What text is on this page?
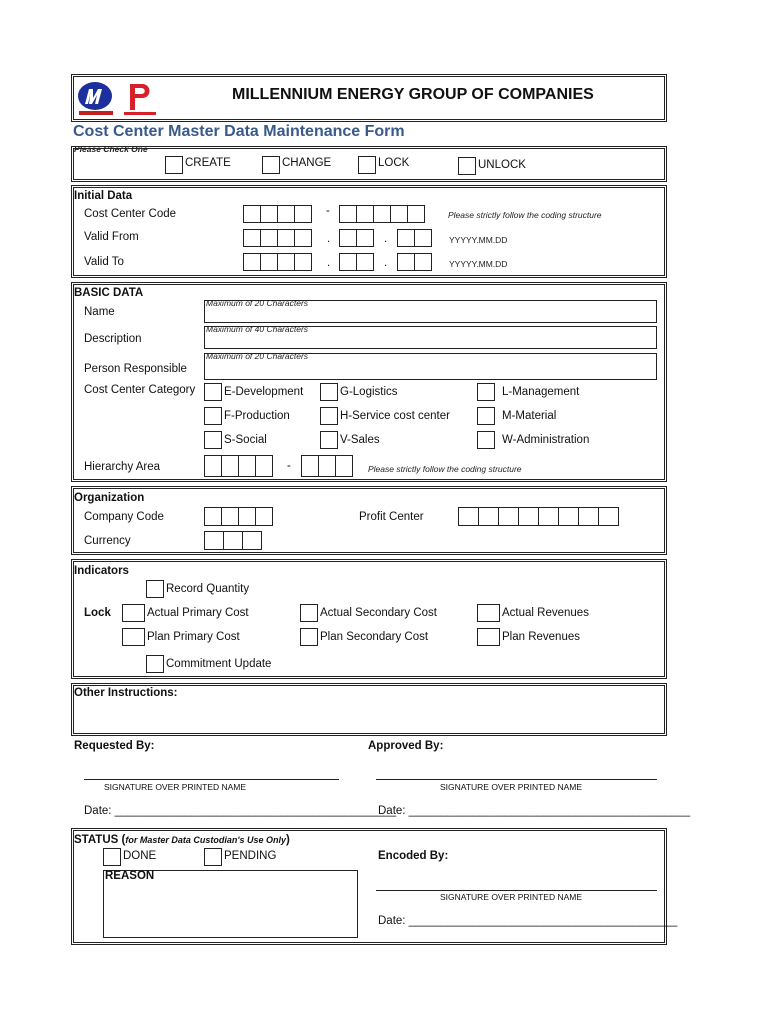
MILLENNIUM ENERGY GROUP OF COMPANIES
Cost Center Master Data Maintenance Form
Please Check One
CREATE	CHANGE	LOCK	UNLOCK
Initial Data
Cost Center Code	-	Please strictly follow the coding structure
Valid From	.	.	YYYYY.MM.DD
Valid To	.	.	YYYYY.MM.DD
BASIC DATA
Name
Maximum of 20 Characters
Description
Maximum of 40 Characters
Person Responsible
Maximum of 20 Characters
Cost Center Category	E-Development	G-Logistics	L-Management
F-Production	H-Service cost center	M-Material
S-Social	V-Sales	W-Administration
Hierarchy Area	-	Please strictly follow the coding structure
Organization
Company Code	Profit Center
Currency
Indicators
Record Quantity
Lock	Actual Primary Cost	Actual Secondary Cost	Actual Revenues
Plan Primary Cost	Plan Secondary Cost	Plan Revenues
Commitment Update
Other Instructions:
Requested By:	Approved By:
SIGNATURE OVER PRINTED NAME	SIGNATURE OVER PRINTED NAME
Date: ____________________________________________
Date: ____________________________________________
STATUS (for Master Data Custodian's Use Only)
DONE	PENDING
REASON
Encoded By:
SIGNATURE OVER PRINTED NAME
Date: __________________________________________
